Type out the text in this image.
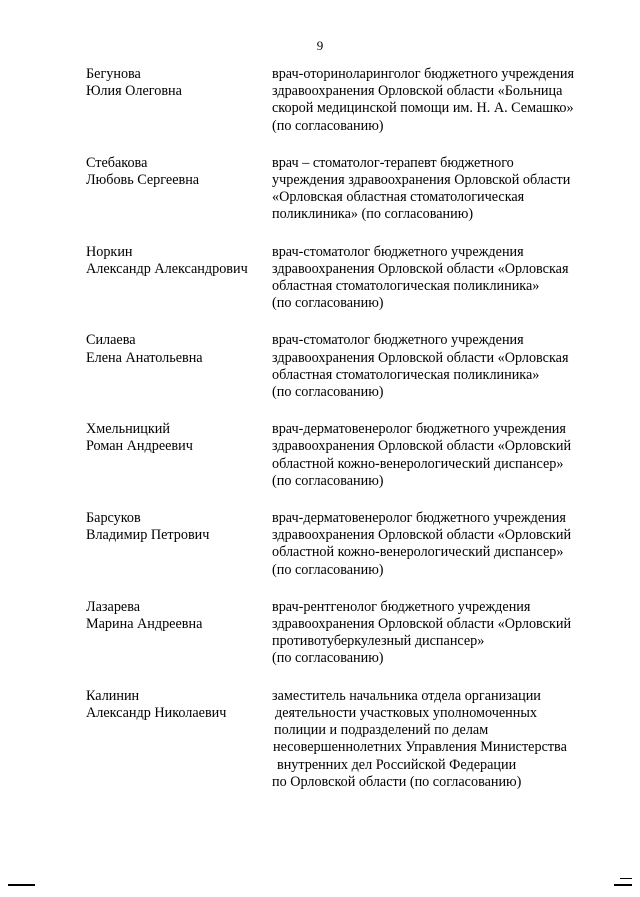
9
Бегунова
Юлия Олеговна
врач-оториноларинголог бюджетного учреждения
здравоохранения Орловской области «Больница
скорой медицинской помощи им. Н. А. Семашко»
(по согласованию)
Стебакова
Любовь Сергеевна
врач – стоматолог-терапевт бюджетного
учреждения здравоохранения Орловской области
«Орловская областная стоматологическая
поликлиника» (по согласованию)
Норкин
Александр Александрович
врач-стоматолог бюджетного учреждения
здравоохранения Орловской области «Орловская
областная стоматологическая поликлиника»
(по согласованию)
Силаева
Елена Анатольевна
врач-стоматолог бюджетного учреждения
здравоохранения Орловской области «Орловская
областная стоматологическая поликлиника»
(по согласованию)
Хмельницкий
Роман Андреевич
врач-дерматовенеролог бюджетного учреждения
здравоохранения Орловской области «Орловский
областной кожно-венерологический диспансер»
(по согласованию)
Барсуков
Владимир Петрович
врач-дерматовенеролог бюджетного учреждения
здравоохранения Орловской области «Орловский
областной кожно-венерологический диспансер»
(по согласованию)
Лазарева
Марина Андреевна
врач-рентгенолог бюджетного учреждения
здравоохранения Орловской области «Орловский
противотуберкулезный диспансер»
(по согласованию)
Калинин
Александр Николаевич
заместитель начальника отдела организации
деятельности участковых уполномоченных
полиции и подразделений по делам
несовершеннолетних Управления Министерства
внутренних дел Российской Федерации
по Орловской области (по согласованию)
